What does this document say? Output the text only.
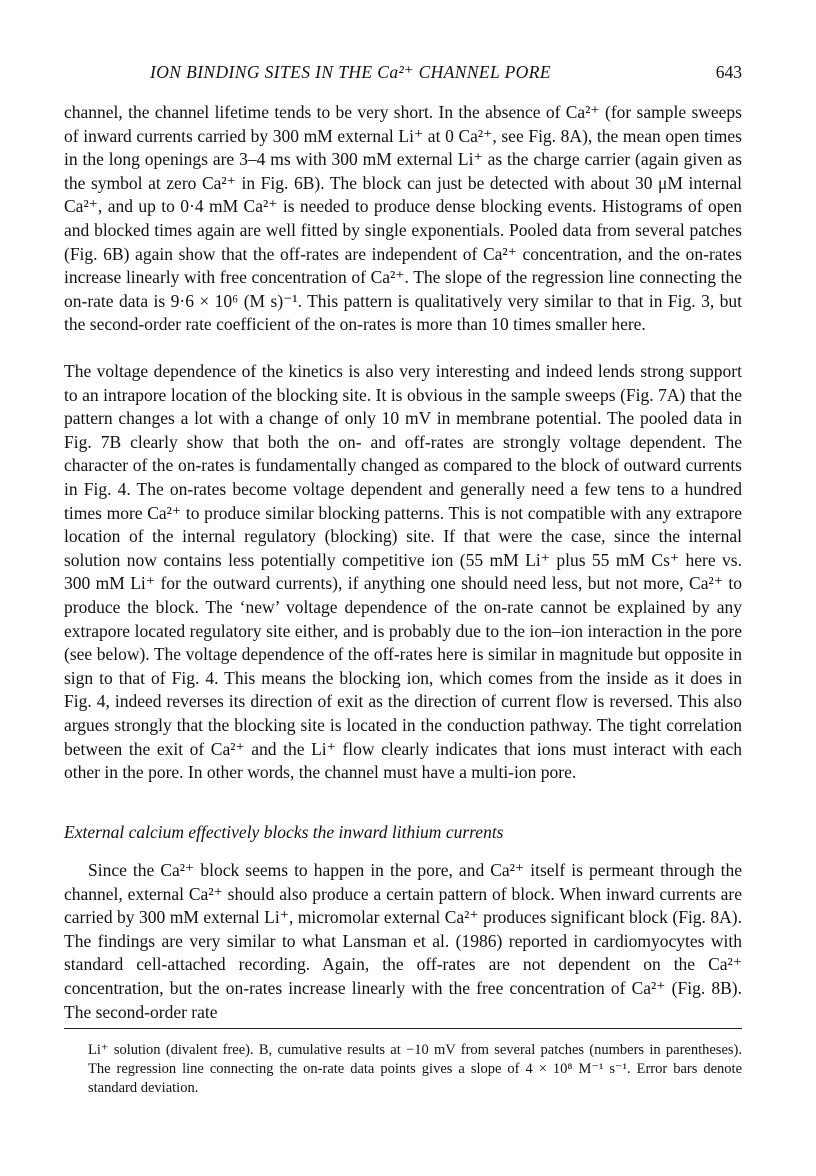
ION BINDING SITES IN THE Ca²⁺ CHANNEL PORE	643

channel, the channel lifetime tends to be very short. In the absence of Ca²⁺ (for sample sweeps of inward currents carried by 300 mM external Li⁺ at 0 Ca²⁺, see Fig. 8A), the mean open times in the long openings are 3–4 ms with 300 mM external Li⁺ as the charge carrier (again given as the symbol at zero Ca²⁺ in Fig. 6B). The block can just be detected with about 30 μM internal Ca²⁺, and up to 0·4 mM Ca²⁺ is needed to produce dense blocking events. Histograms of open and blocked times again are well fitted by single exponentials. Pooled data from several patches (Fig. 6B) again show that the off-rates are independent of Ca²⁺ concentration, and the on-rates increase linearly with free concentration of Ca²⁺. The slope of the regression line connecting the on-rate data is 9·6 × 10⁶ (M s)⁻¹. This pattern is qualitatively very similar to that in Fig. 3, but the second-order rate coefficient of the on-rates is more than 10 times smaller here.

The voltage dependence of the kinetics is also very interesting and indeed lends strong support to an intrapore location of the blocking site. It is obvious in the sample sweeps (Fig. 7A) that the pattern changes a lot with a change of only 10 mV in membrane potential. The pooled data in Fig. 7B clearly show that both the on- and off-rates are strongly voltage dependent. The character of the on-rates is fundamentally changed as compared to the block of outward currents in Fig. 4. The on-rates become voltage dependent and generally need a few tens to a hundred times more Ca²⁺ to produce similar blocking patterns. This is not compatible with any extrapore location of the internal regulatory (blocking) site. If that were the case, since the internal solution now contains less potentially competitive ion (55 mM Li⁺ plus 55 mM Cs⁺ here vs. 300 mM Li⁺ for the outward currents), if anything one should need less, but not more, Ca²⁺ to produce the block. The ‘new’ voltage dependence of the on-rate cannot be explained by any extrapore located regulatory site either, and is probably due to the ion–ion interaction in the pore (see below). The voltage dependence of the off-rates here is similar in magnitude but opposite in sign to that of Fig. 4. This means the blocking ion, which comes from the inside as it does in Fig. 4, indeed reverses its direction of exit as the direction of current flow is reversed. This also argues strongly that the blocking site is located in the conduction pathway. The tight correlation between the exit of Ca²⁺ and the Li⁺ flow clearly indicates that ions must interact with each other in the pore. In other words, the channel must have a multi-ion pore.

External calcium effectively blocks the inward lithium currents

Since the Ca²⁺ block seems to happen in the pore, and Ca²⁺ itself is permeant through the channel, external Ca²⁺ should also produce a certain pattern of block. When inward currents are carried by 300 mM external Li⁺, micromolar external Ca²⁺ produces significant block (Fig. 8A). The findings are very similar to what Lansman et al. (1986) reported in cardiomyocytes with standard cell-attached recording. Again, the off-rates are not dependent on the Ca²⁺ concentration, but the on-rates increase linearly with the free concentration of Ca²⁺ (Fig. 8B). The second-order rate

Li⁺ solution (divalent free). B, cumulative results at −10 mV from several patches (numbers in parentheses). The regression line connecting the on-rate data points gives a slope of 4 × 10⁸ M⁻¹ s⁻¹. Error bars denote standard deviation.
